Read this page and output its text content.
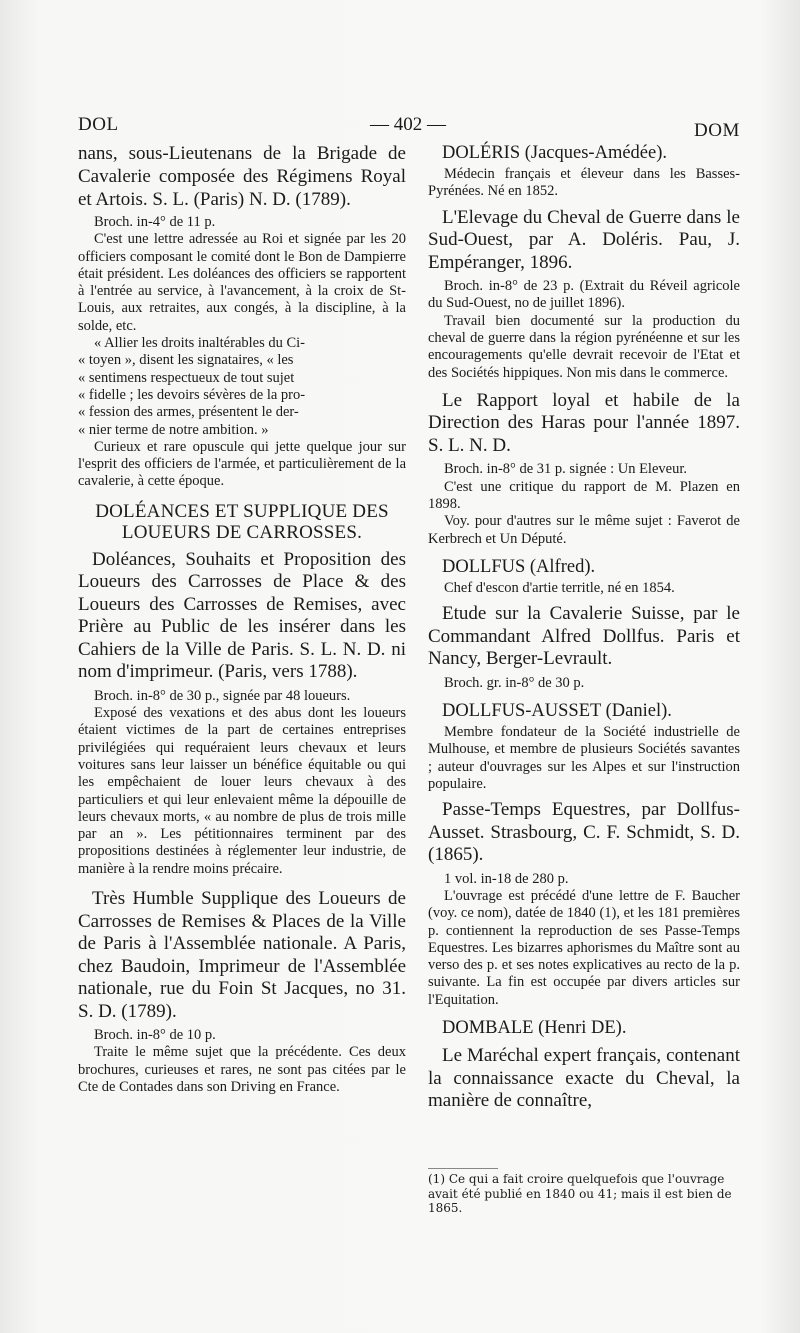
DOL	— 402 —	DOM

nans, sous-Lieutenans de la Brigade de Cavalerie composée des Régimens Royal et Artois. S. L. (Paris) N. D. (1789).

Broch. in-4° de 11 p.

C'est une lettre adressée au Roi et signée par les 20 officiers composant le comité dont le Bon de Dampierre était président. Les doléances des officiers se rapportent à l'entrée au service, à l'avancement, à la croix de St-Louis, aux retraites, aux congés, à la discipline, à la solde, etc.

« Allier les droits inaltérables du Ci-

« toyen », disent les signataires, « les

« sentimens respectueux de tout sujet

« fidelle ; les devoirs sévères de la pro-

« fession des armes, présentent le der-

« nier terme de notre ambition. »

Curieux et rare opuscule qui jette quelque jour sur l'esprit des officiers de l'armée, et particulièrement de la cavalerie, à cette époque.

DOLÉANCES ET SUPPLIQUE DES LOUEURS DE CARROSSES.

Doléances, Souhaits et Proposition des Loueurs des Carrosses de Place & des Loueurs des Carrosses de Remises, avec Prière au Public de les insérer dans les Cahiers de la Ville de Paris. S. L. N. D. ni nom d'imprimeur. (Paris, vers 1788).

Broch. in-8° de 30 p., signée par 48 loueurs.

Exposé des vexations et des abus dont les loueurs étaient victimes de la part de certaines entreprises privilégiées qui requéraient leurs chevaux et leurs voitures sans leur laisser un bénéfice équitable ou qui les empêchaient de louer leurs chevaux à des particuliers et qui leur enlevaient même la dépouille de leurs chevaux morts, « au nombre de plus de trois mille par an ». Les pétitionnaires terminent par des propositions destinées à réglementer leur industrie, de manière à la rendre moins précaire.

Très Humble Supplique des Loueurs de Carrosses de Remises & Places de la Ville de Paris à l'Assemblée nationale. A Paris, chez Baudoin, Imprimeur de l'Assemblée nationale, rue du Foin St Jacques, no 31. S. D. (1789).

Broch. in-8° de 10 p.

Traite le même sujet que la précédente. Ces deux brochures, curieuses et rares, ne sont pas citées par le Cte de Contades dans son Driving en France.

DOLÉRIS (Jacques-Amédée).

Médecin français et éleveur dans les Basses-Pyrénées. Né en 1852.

L'Elevage du Cheval de Guerre dans le Sud-Ouest, par A. Doléris. Pau, J. Empéranger, 1896.

Broch. in-8° de 23 p. (Extrait du Réveil agricole du Sud-Ouest, no de juillet 1896).

Travail bien documenté sur la production du cheval de guerre dans la région pyrénéenne et sur les encouragements qu'elle devrait recevoir de l'Etat et des Sociétés hippiques. Non mis dans le commerce.

Le Rapport loyal et habile de la Direction des Haras pour l'année 1897. S. L. N. D.

Broch. in-8° de 31 p. signée : Un Eleveur.

C'est une critique du rapport de M. Plazen en 1898.

Voy. pour d'autres sur le même sujet : Faverot de Kerbrech et Un Député.

DOLLFUS (Alfred).

Chef d'escon d'artie territle, né en 1854.

Etude sur la Cavalerie Suisse, par le Commandant Alfred Dollfus. Paris et Nancy, Berger-Levrault.

Broch. gr. in-8° de 30 p.

DOLLFUS-AUSSET (Daniel).

Membre fondateur de la Société industrielle de Mulhouse, et membre de plusieurs Sociétés savantes ; auteur d'ouvrages sur les Alpes et sur l'instruction populaire.

Passe-Temps Equestres, par Dollfus-Ausset. Strasbourg, C. F. Schmidt, S. D. (1865).

1 vol. in-18 de 280 p.

L'ouvrage est précédé d'une lettre de F. Baucher (voy. ce nom), datée de 1840 (1), et les 181 premières p. contiennent la reproduction de ses Passe-Temps Equestres. Les bizarres aphorismes du Maître sont au verso des p. et ses notes explicatives au recto de la p. suivante. La fin est occupée par divers articles sur l'Equitation.

DOMBALE (Henri DE).

Le Maréchal expert français, contenant la connaissance exacte du Cheval, la manière de connaître,

(1) Ce qui a fait croire quelquefois que l'ouvrage avait été publié en 1840 ou 41; mais il est bien de 1865.
